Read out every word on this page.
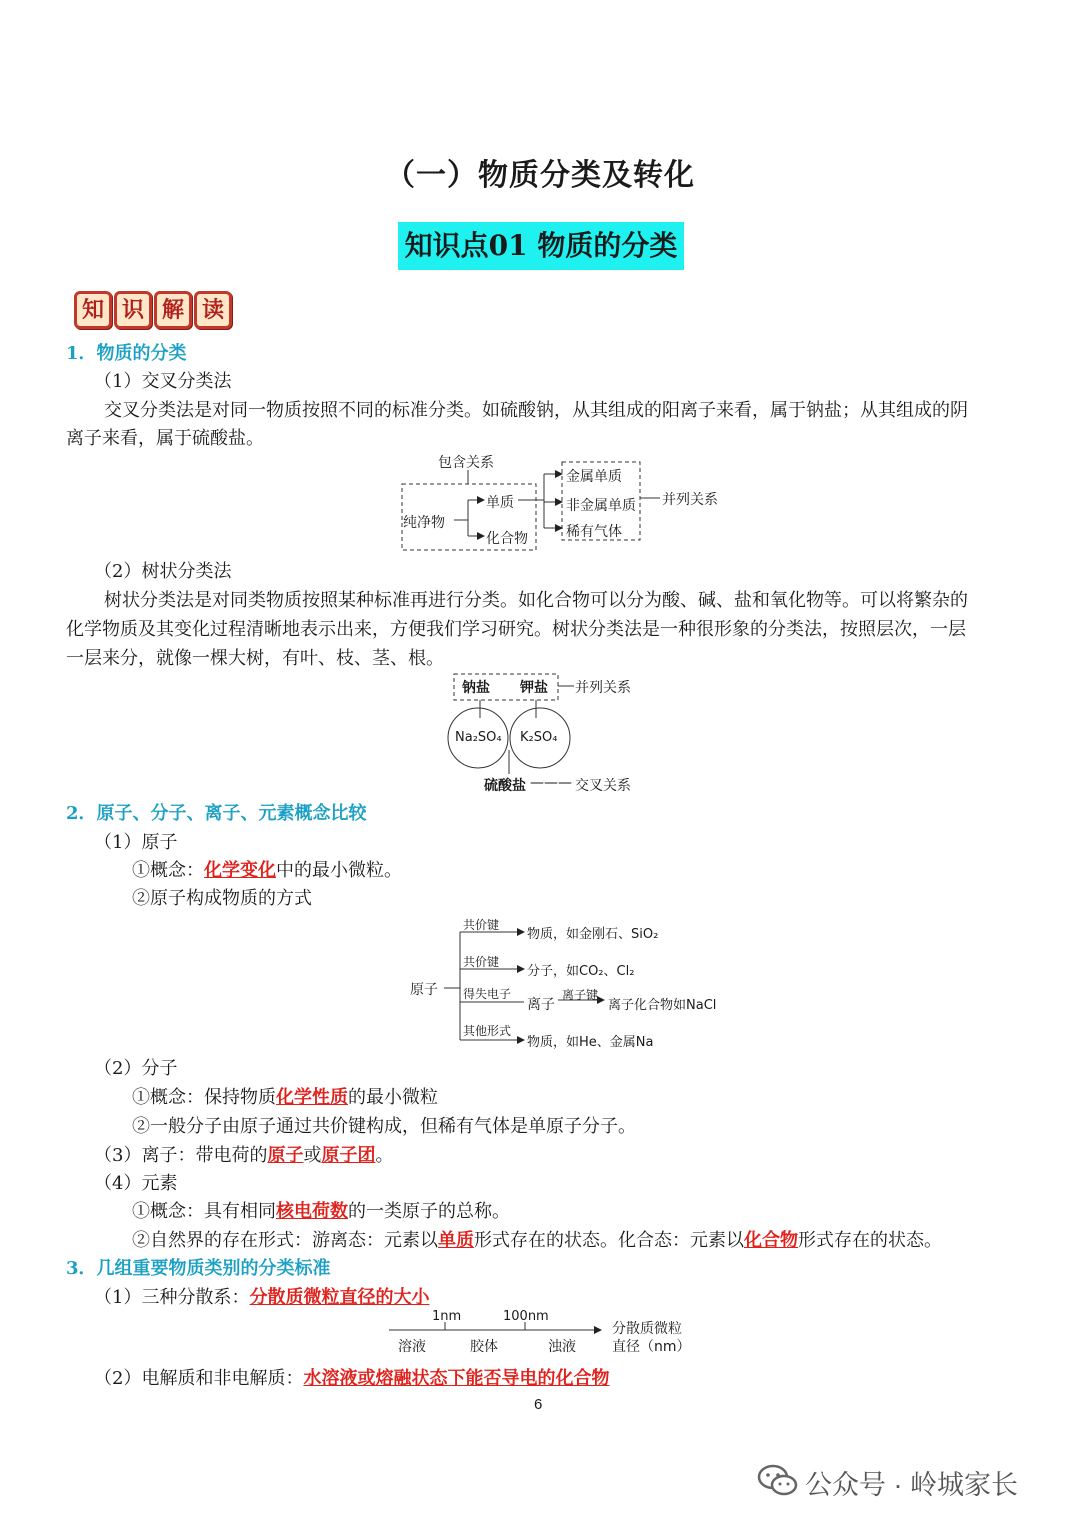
（一）物质分类及转化
知识点01 物质的分类
知 识 解 读
1．物质的分类
（1）交叉分类法
交叉分类法是对同一物质按照不同的标准分类。如硫酸钠，从其组成的阳离子来看，属于钠盐；从其组成的阴
离子来看，属于硫酸盐。
包含关系
纯净物
单质
化合物
金属单质
非金属单质
稀有气体
并列关系
（2）树状分类法
树状分类法是对同类物质按照某种标准再进行分类。如化合物可以分为酸、碱、盐和氧化物等。可以将繁杂的
化学物质及其变化过程清晰地表示出来，方便我们学习研究。树状分类法是一种很形象的分类法，按照层次，一层
一层来分，就像一棵大树，有叶、枝、茎、根。
钠盐 钾盐 并列关系
Na₂SO₄ K₂SO₄
硫酸盐 ——— 交叉关系
2．原子、分子、离子、元素概念比较
（1）原子
①概念：化学变化中的最小微粒。
②原子构成物质的方式
原子
共价键
物质，如金刚石、SiO₂
共价键
分子，如CO₂、Cl₂
得失电子
离子
离子键
离子化合物如NaCl
其他形式
物质，如He、金属Na
（2）分子
①概念：保持物质化学性质的最小微粒
②一般分子由原子通过共价键构成，但稀有气体是单原子分子。
（3）离子：带电荷的原子或原子团。
（4）元素
①概念：具有相同核电荷数的一类原子的总称。
②自然界的存在形式：游离态：元素以单质形式存在的状态。化合态：元素以化合物形式存在的状态。
3．几组重要物质类别的分类标准
（1）三种分散系：分散质微粒直径的大小
1nm	100nm
溶液	胶体	浊液
分散质微粒
直径（nm）
（2）电解质和非电解质：水溶液或熔融状态下能否导电的化合物
6
公众号 · 岭城家长
